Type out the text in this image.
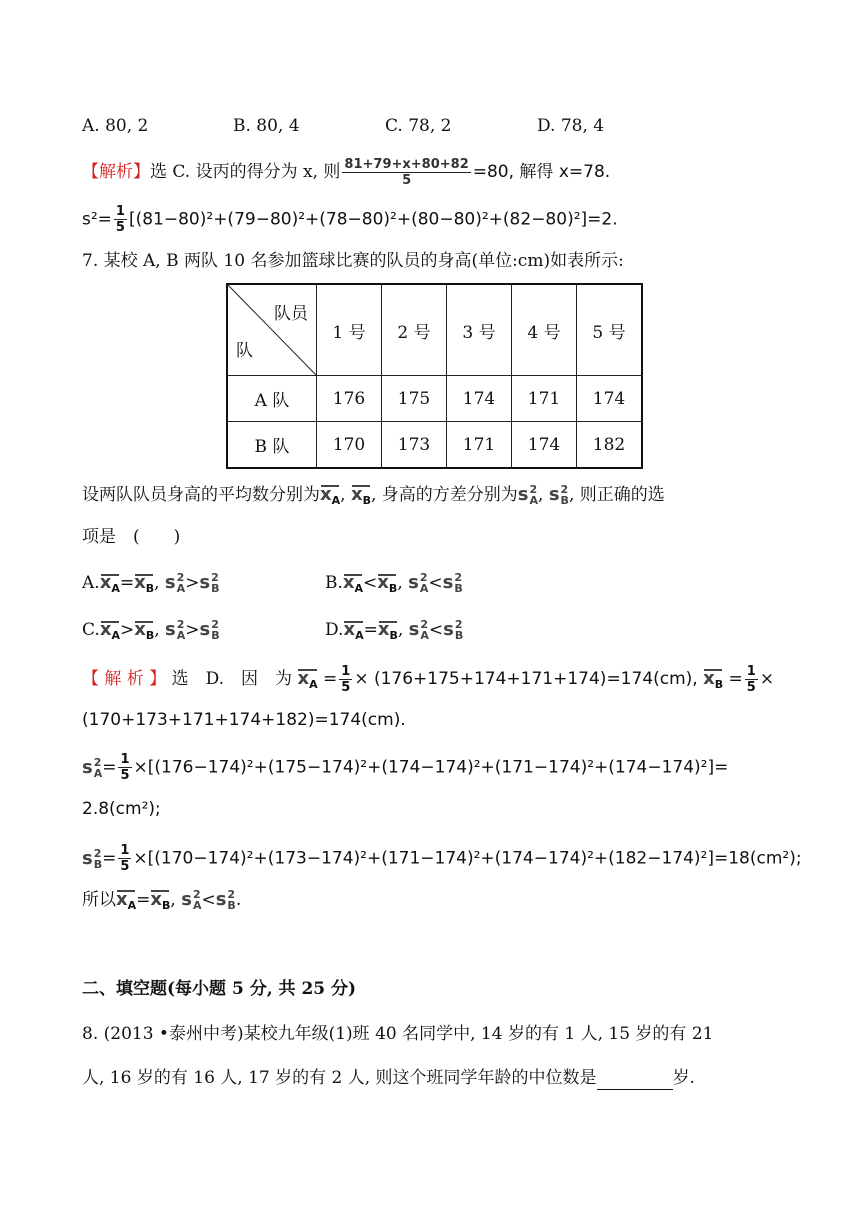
A. 80, 2	B. 80, 4	C. 78, 2	D. 78, 4
【解析】选 C. 设丙的得分为 x, 则 $\frac{81+79+x+80+82}{5} =80$, 解得 x=78.
$s^2= \frac{1}{5} [(81-80)^2+(79-80)^2+(78-80)^2+(80-80)^2+(82-80)^2]=2$.
7. 某校 A, B 两队 10 名参加篮球比赛的队员的身高(单位:cm)如表所示:
队员
队	1 号	2 号	3 号	4 号	5 号
A 队	176	175	174	171	174
B 队	170	173	171	174	182
设两队队员身高的平均数分别为$x_A$, $x_B$, 身高的方差分别为s 2
A , s 2
B , 则正确的选
项是　(　　)
$A.x_A=x_B$, s 2
A >s 2
B	$B.x_A<x_B$, s 2
A <s 2
B
$C.x_A>x_B$, s 2
A >s 2
B	$D.x_A=x_B$, s 2
A <s 2
B
【 解 析 】 选　D.　因　为 $x_A = \frac{1}{5} \times (176+175+174+171+174)=174(cm)$, $x_B = \frac{1}{5}$ ×
(170+173+171+174+182)=174(cm).
s 2
$A = \frac{1}{5} \times[(176-174)^2+(175-174)^2+(174-174)^2+(171-174)^2+(174-174)^2]=$
2.8(cm²);
s 2
$B = \frac{1}{5} \times[(170-174)^2+(173-174)^2+(171-174)^2+(174-174)^2+(182-174)^2]=18(cm^2)$;
所以$x_A=x_B$, s 2
A <s 2
B .
二、填空题(每小题 5 分, 共 25 分)
8. (2013 •泰州中考)某校九年级(1)班 40 名同学中, 14 岁的有 1 人, 15 岁的有 21
人, 16 岁的有 16 人, 17 岁的有 2 人, 则这个班同学年龄的中位数是	岁.
